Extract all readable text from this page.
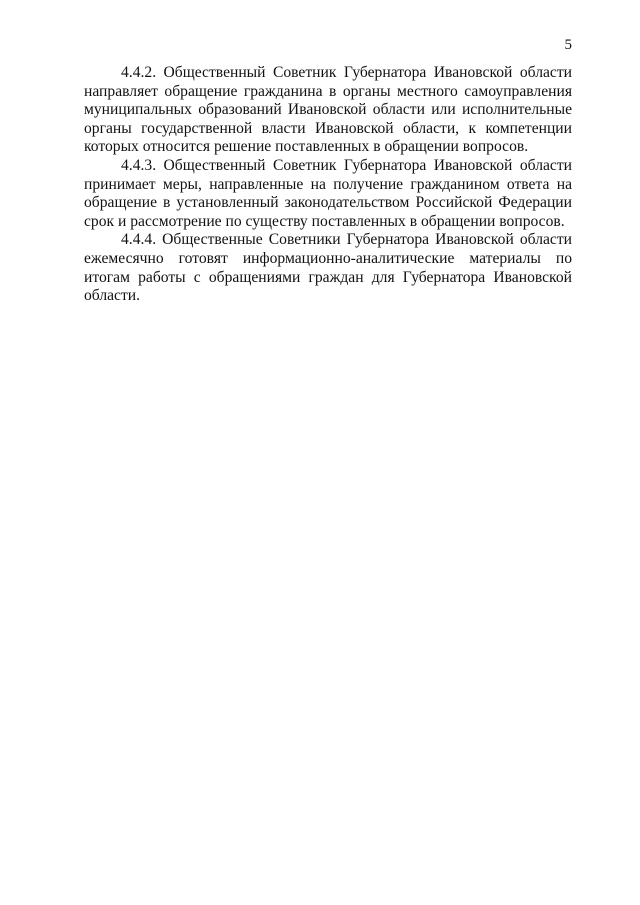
5

4.4.2. Общественный Советник Губернатора Ивановской области направляет обращение гражданина в органы местного самоуправления муниципальных образований Ивановской области или исполнительные органы государственной власти Ивановской области, к компетенции которых относится решение поставленных в обращении вопросов.

4.4.3. Общественный Советник Губернатора Ивановской области принимает меры, направленные на получение гражданином ответа на обращение в установленный законодательством Российской Федерации срок и рассмотрение по существу поставленных в обращении вопросов.

4.4.4. Общественные Советники Губернатора Ивановской области ежемесячно готовят информационно-аналитические материалы по итогам работы с обращениями граждан для Губернатора Ивановской области.
